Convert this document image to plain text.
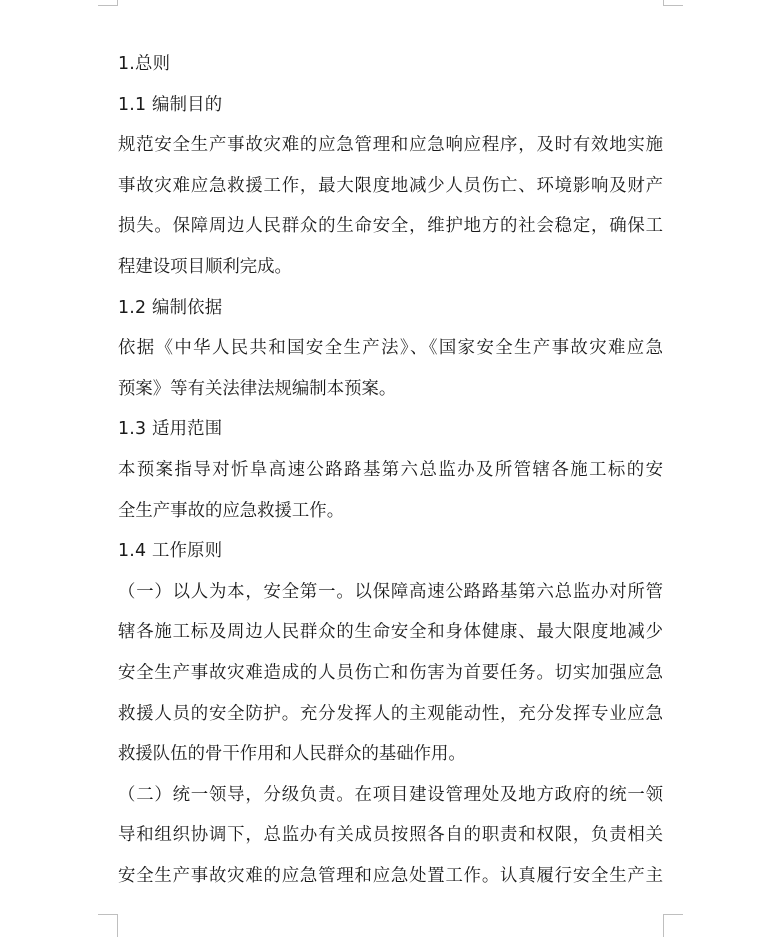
1.总则
1.1 编制目的
规范安全生产事故灾难的应急管理和应急响应程序，及时有效地实施
事故灾难应急救援工作，最大限度地减少人员伤亡、环境影响及财产
损失。保障周边人民群众的生命安全，维护地方的社会稳定，确保工
程建设项目顺利完成。
1.2 编制依据
依据《中华人民共和国安全生产法》、《国家安全生产事故灾难应急
预案》等有关法律法规编制本预案。
1.3 适用范围
本预案指导对忻阜高速公路路基第六总监办及所管辖各施工标的安
全生产事故的应急救援工作。
1.4 工作原则
（一）以人为本，安全第一。以保障高速公路路基第六总监办对所管
辖各施工标及周边人民群众的生命安全和身体健康、最大限度地减少
安全生产事故灾难造成的人员伤亡和伤害为首要任务。切实加强应急
救援人员的安全防护。充分发挥人的主观能动性，充分发挥专业应急
救援队伍的骨干作用和人民群众的基础作用。
（二）统一领导，分级负责。在项目建设管理处及地方政府的统一领
导和组织协调下，总监办有关成员按照各自的职责和权限，负责相关
安全生产事故灾难的应急管理和应急处置工作。认真履行安全生产主
